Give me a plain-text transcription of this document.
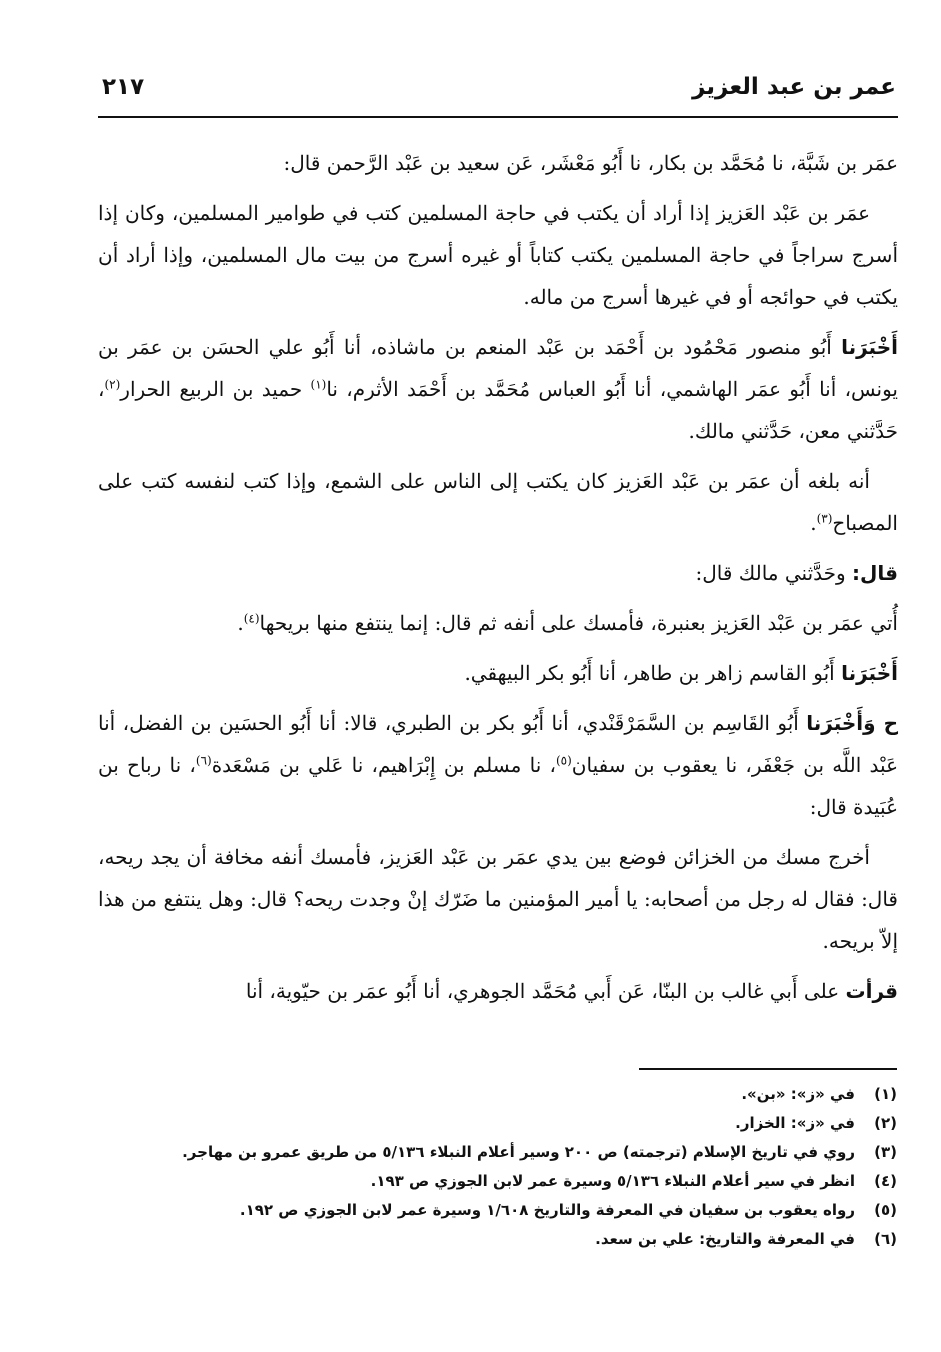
عمر بن عبد العزيز
٢١٧

عمَر بن شَبَّة، نا مُحَمَّد بن بكار، نا أَبُو مَعْشَر، عَن سعيد بن عَبْد الرَّحمن قال:

عمَر بن عَبْد العَزيز إذا أراد أن يكتب في حاجة المسلمين كتب في طوامير المسلمين، وكان إذا أسرج سراجاً في حاجة المسلمين يكتب كتاباً أو غيره أسرج من بيت مال المسلمين، وإذا أراد أن يكتب في حوائجه أو في غيرها أسرج من ماله.

أَخْبَرَنا أَبُو منصور مَحْمُود بن أَحْمَد بن عَبْد المنعم بن ماشاذه، أنا أَبُو علي الحسَن بن عمَر بن يونس، أنا أَبُو عمَر الهاشمي، أنا أَبُو العباس مُحَمَّد بن أَحْمَد الأثرم، نا$^{(١)}$ حميد بن الربيع الحرار$^{(٢)}$، حَدَّثني معن، حَدَّثني مالك.

أنه بلغه أن عمَر بن عَبْد العَزيز كان يكتب إلى الناس على الشمع، وإذا كتب لنفسه كتب على المصباح$^{(٣)}$.

قال: وحَدَّثني مالك قال:

أُتي عمَر بن عَبْد العَزيز بعنبرة، فأمسك على أنفه ثم قال: إنما ينتفع منها بريحها$^{(٤)}$.

أَخْبَرَنا أَبُو القاسم زاهر بن طاهر، أنا أَبُو بكر البيهقي.

ح وَأَخْبَرَنا أَبُو القَاسِم بن السَّمَرْقَنْدي، أنا أَبُو بكر بن الطبري، قالا: أنا أَبُو الحسَين بن الفضل، أنا عَبْد اللَّه بن جَعْفَر، نا يعقوب بن سفيان$^{(٥)}$، نا مسلم بن إِبْرَاهيم، نا عَلي بن مَسْعَدة$^{(٦)}$، نا رباح بن عُبَيدة قال:

أخرج مسك من الخزائن فوضع بين يدي عمَر بن عَبْد العَزيز، فأمسك أنفه مخافة أن يجد ريحه، قال: فقال له رجل من أصحابه: يا أمير المؤمنين ما ضَرّك إنْ وجدت ريحه؟ قال: وهل ينتفع من هذا إلاّ بريحه.

قرأت على أَبي غالب بن البنّا، عَن أَبي مُحَمَّد الجوهري، أنا أَبُو عمَر بن حيّوية، أنا

(١)
في «ز»: «بن».
(٢)
في «ز»: الخزار.
(٣)
روي في تاريخ الإسلام (ترجمته) ص ٢٠٠ وسير أعلام النبلاء ٥/١٣٦ من طريق عمرو بن مهاجر.
(٤)
انظر في سير أعلام النبلاء ٥/١٣٦ وسيرة عمر لابن الجوزي ص ١٩٣.
(٥)
رواه يعقوب بن سفيان في المعرفة والتاريخ ١/٦٠٨ وسيرة عمر لابن الجوزي ص ١٩٢.
(٦)
في المعرفة والتاريخ: علي بن سعد.
